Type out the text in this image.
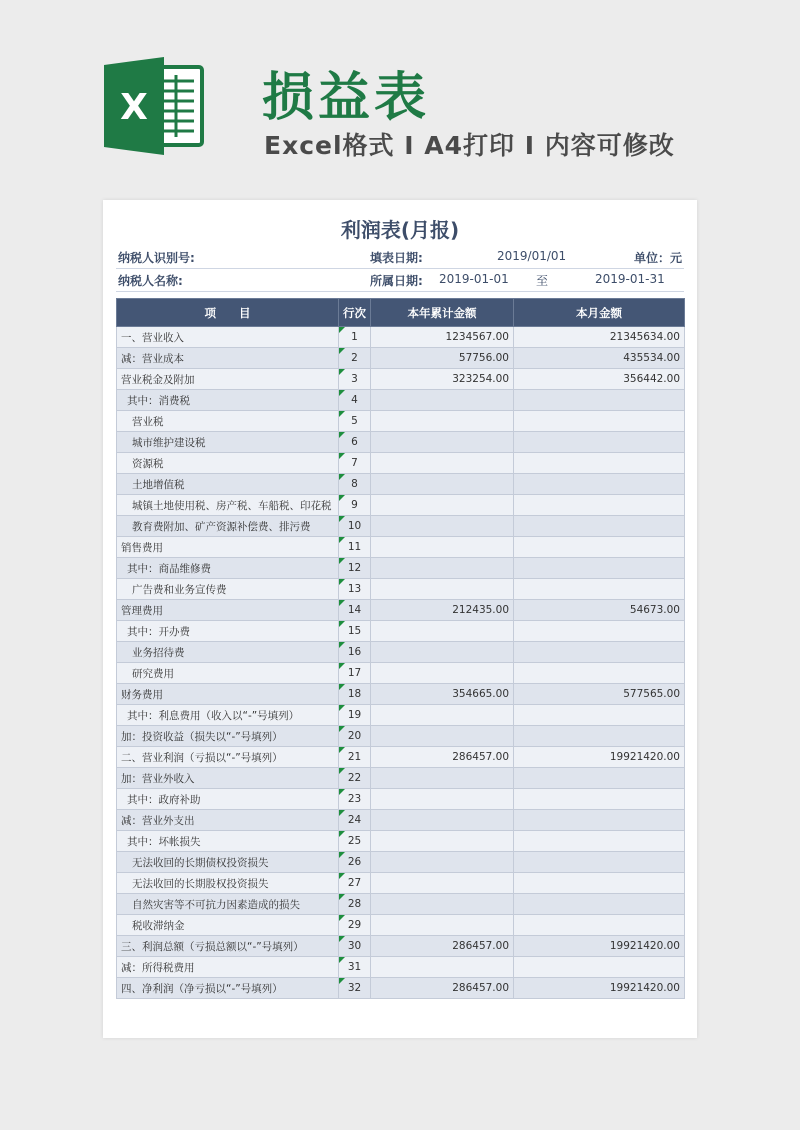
X 损益表
Excel格式 I A4打印 I 内容可修改
利润表(月报)
纳税人识别号:	填表日期:	2019/01/01	单位：元
纳税人名称:	所属日期: 2019-01-01 至	2019-01-31
项　　目	行次	本年累计金额	本月金额
一、营业收入	1	1234567.00	21345634.00
减：营业成本	2	57756.00	435534.00
营业税金及附加	3	323254.00	356442.00
其中：消费税	4		
营业税	5		
城市维护建设税	6		
资源税	7		
土地增值税	8		
城镇土地使用税、房产税、车船税、印花税	9		
教育费附加、矿产资源补偿费、排污费	10		
销售费用	11		
其中：商品维修费	12		
广告费和业务宣传费	13		
管理费用	14	212435.00	54673.00
其中：开办费	15		
业务招待费	16		
研究费用	17		
财务费用	18	354665.00	577565.00
其中：利息费用（收入以“-”号填列）	19		
加：投资收益（损失以“-”号填列）	20		
二、营业利润（亏损以“-”号填列）	21	286457.00	19921420.00
加：营业外收入	22		
其中：政府补助	23		
减：营业外支出	24		
其中：坏帐损失	25		
无法收回的长期债权投资损失	26		
无法收回的长期股权投资损失	27		
自然灾害等不可抗力因素造成的损失	28		
税收滞纳金	29		
三、利润总额（亏损总额以“-”号填列）	30	286457.00	19921420.00
减：所得税费用	31		
四、净利润（净亏损以“-”号填列）	32	286457.00	19921420.00
